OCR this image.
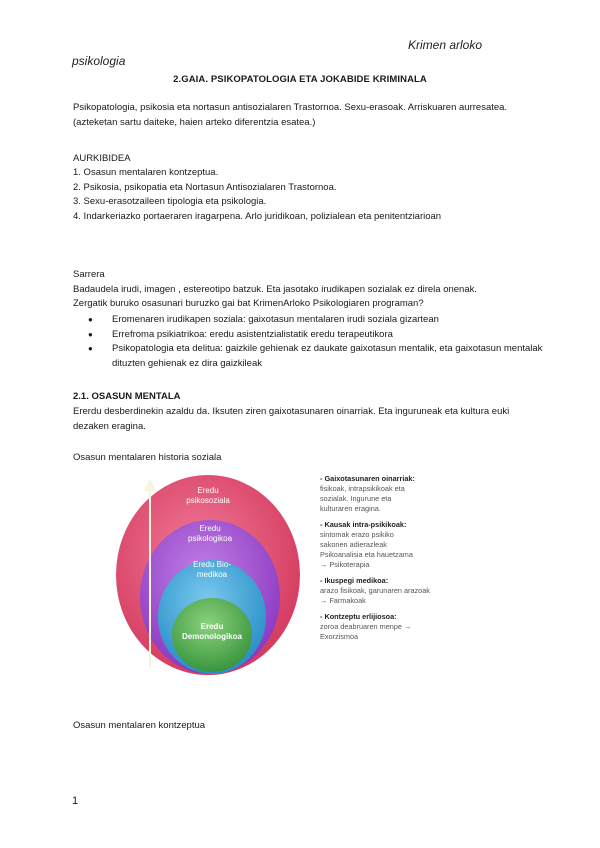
Krimen arloko
psikologia
2.GAIA. PSIKOPATOLOGIA ETA JOKABIDE KRIMINALA
Psikopatologia, psikosia eta nortasun antisozialaren Trastornoa. Sexu-erasoak. Arriskuaren aurresatea. (azteketan sartu daiteke, haien arteko diferentzia esatea.)
AURKIBIDEA
1. Osasun mentalaren kontzeptua.
2. Psikosia, psikopatia eta Nortasun Antisozialaren Trastornoa.
3. Sexu-erasotzaileen tipologia eta psikologia.
4. Indarkeriazko portaeraren iragarpena. Arlo juridikoan, polizialean eta penitentziarioan
Sarrera
Badaudela irudi, imagen , estereotipo batzuk. Eta jasotako irudikapen sozialak ez direla onenak.
Zergatik buruko osasunari buruzko gai bat KrimenArloko Psikologiaren programan?
● Eromenaren irudikapen soziala: gaixotasun mentalaren irudi soziala gizartean
● Errefroma psikiatrikoa: eredu asistentzialistatik eredu terapeutikora
● Psikopatologia eta delitua: gaizkile gehienak ez daukate gaixotasun mentalik, eta gaixotasun mentalak dituzten gehienak ez dira gaizkileak
2.1. OSASUN MENTALA
Ererdu desberdinekin azaldu da. Iksuten ziren gaixotasunaren oinarriak. Eta inguruneak eta kultura euki dezaken eragina.
Osasun mentalaren historia soziala
Eredu
psikosoziala
Eredu
psikologikoa
Eredu Bio-
medikoa
Eredu
Demonologikoa
- Gaixotasunaren oinarriak:
fisikoak, intrapsikikoak eta
sozialak. Ingurune eta
kulturaren eragina.
- Kausak intra-psikikoak:
sintomak erazo psikiko
sakonen adierazleak
Psikoanalisia eta hauetzama
→ Psikoterapia
- Ikuspegi medikoa:
arazo fisikoak, garunaren arazoak
→ Farmakoak
- Kontzeptu erlijiosoa:
zoroa deabruaren menpe →
Exorzismoa
Osasun mentalaren kontzeptua
1
